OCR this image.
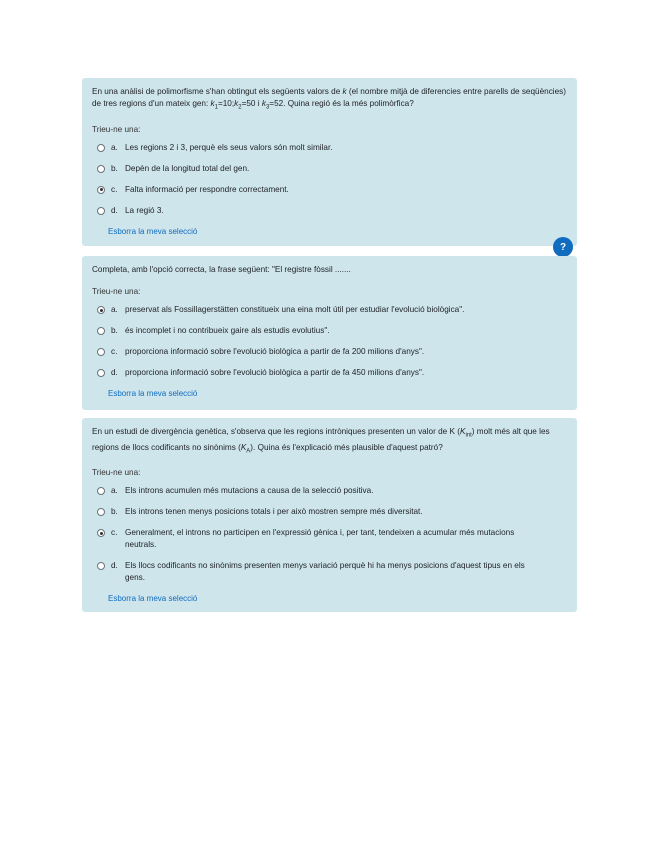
En una anàlisi de polimorfisme s'han obtingut els següents valors de k (el nombre mitjà de diferencies entre parells de seqüències) de tres regions d'un mateix gen: $k_1=10;k_2=50$ i $k_3=52$. Quina regió és la més polimòrfica?

Trieu-ne una:

a. Les regions 2 i 3, perquè els seus valors són molt similar.
b. Depèn de la longitud total del gen.
c. Falta informació per respondre correctament.
d. La regió 3.
Esborra la meva selecció
?

Completa, amb l'opció correcta, la frase següent: "El registre fòssil .......

Trieu-ne una:

a. preservat als Fossillagerstätten constitueix una eina molt útil per estudiar l'evolució biològica".
b. és incomplet i no contribueix gaire als estudis evolutius".
c. proporciona informació sobre l'evolució biològica a partir de fa 200 milions d'anys".
d. proporciona informació sobre l'evolució biològica a partir de fa 450 milions d'anys".
Esborra la meva selecció

En un estudi de divergència genètica, s'observa que les regions intròniques presenten un valor de K $(K_{int})$ molt més alt que les regions de llocs codificants no sinònims $(K_A)$. Quina és l'explicació més plausible d'aquest patró?

Trieu-ne una:

a. Els introns acumulen més mutacions a causa de la selecció positiva.
b. Els introns tenen menys posicions totals i per això mostren sempre més diversitat.
c. Generalment, el introns no participen en l'expressió gènica i, per tant, tendeixen a acumular més mutacions neutrals.
d. Els llocs codificants no sinònims presenten menys variació perquè hi ha menys posicions d'aquest tipus en els gens.
Esborra la meva selecció
